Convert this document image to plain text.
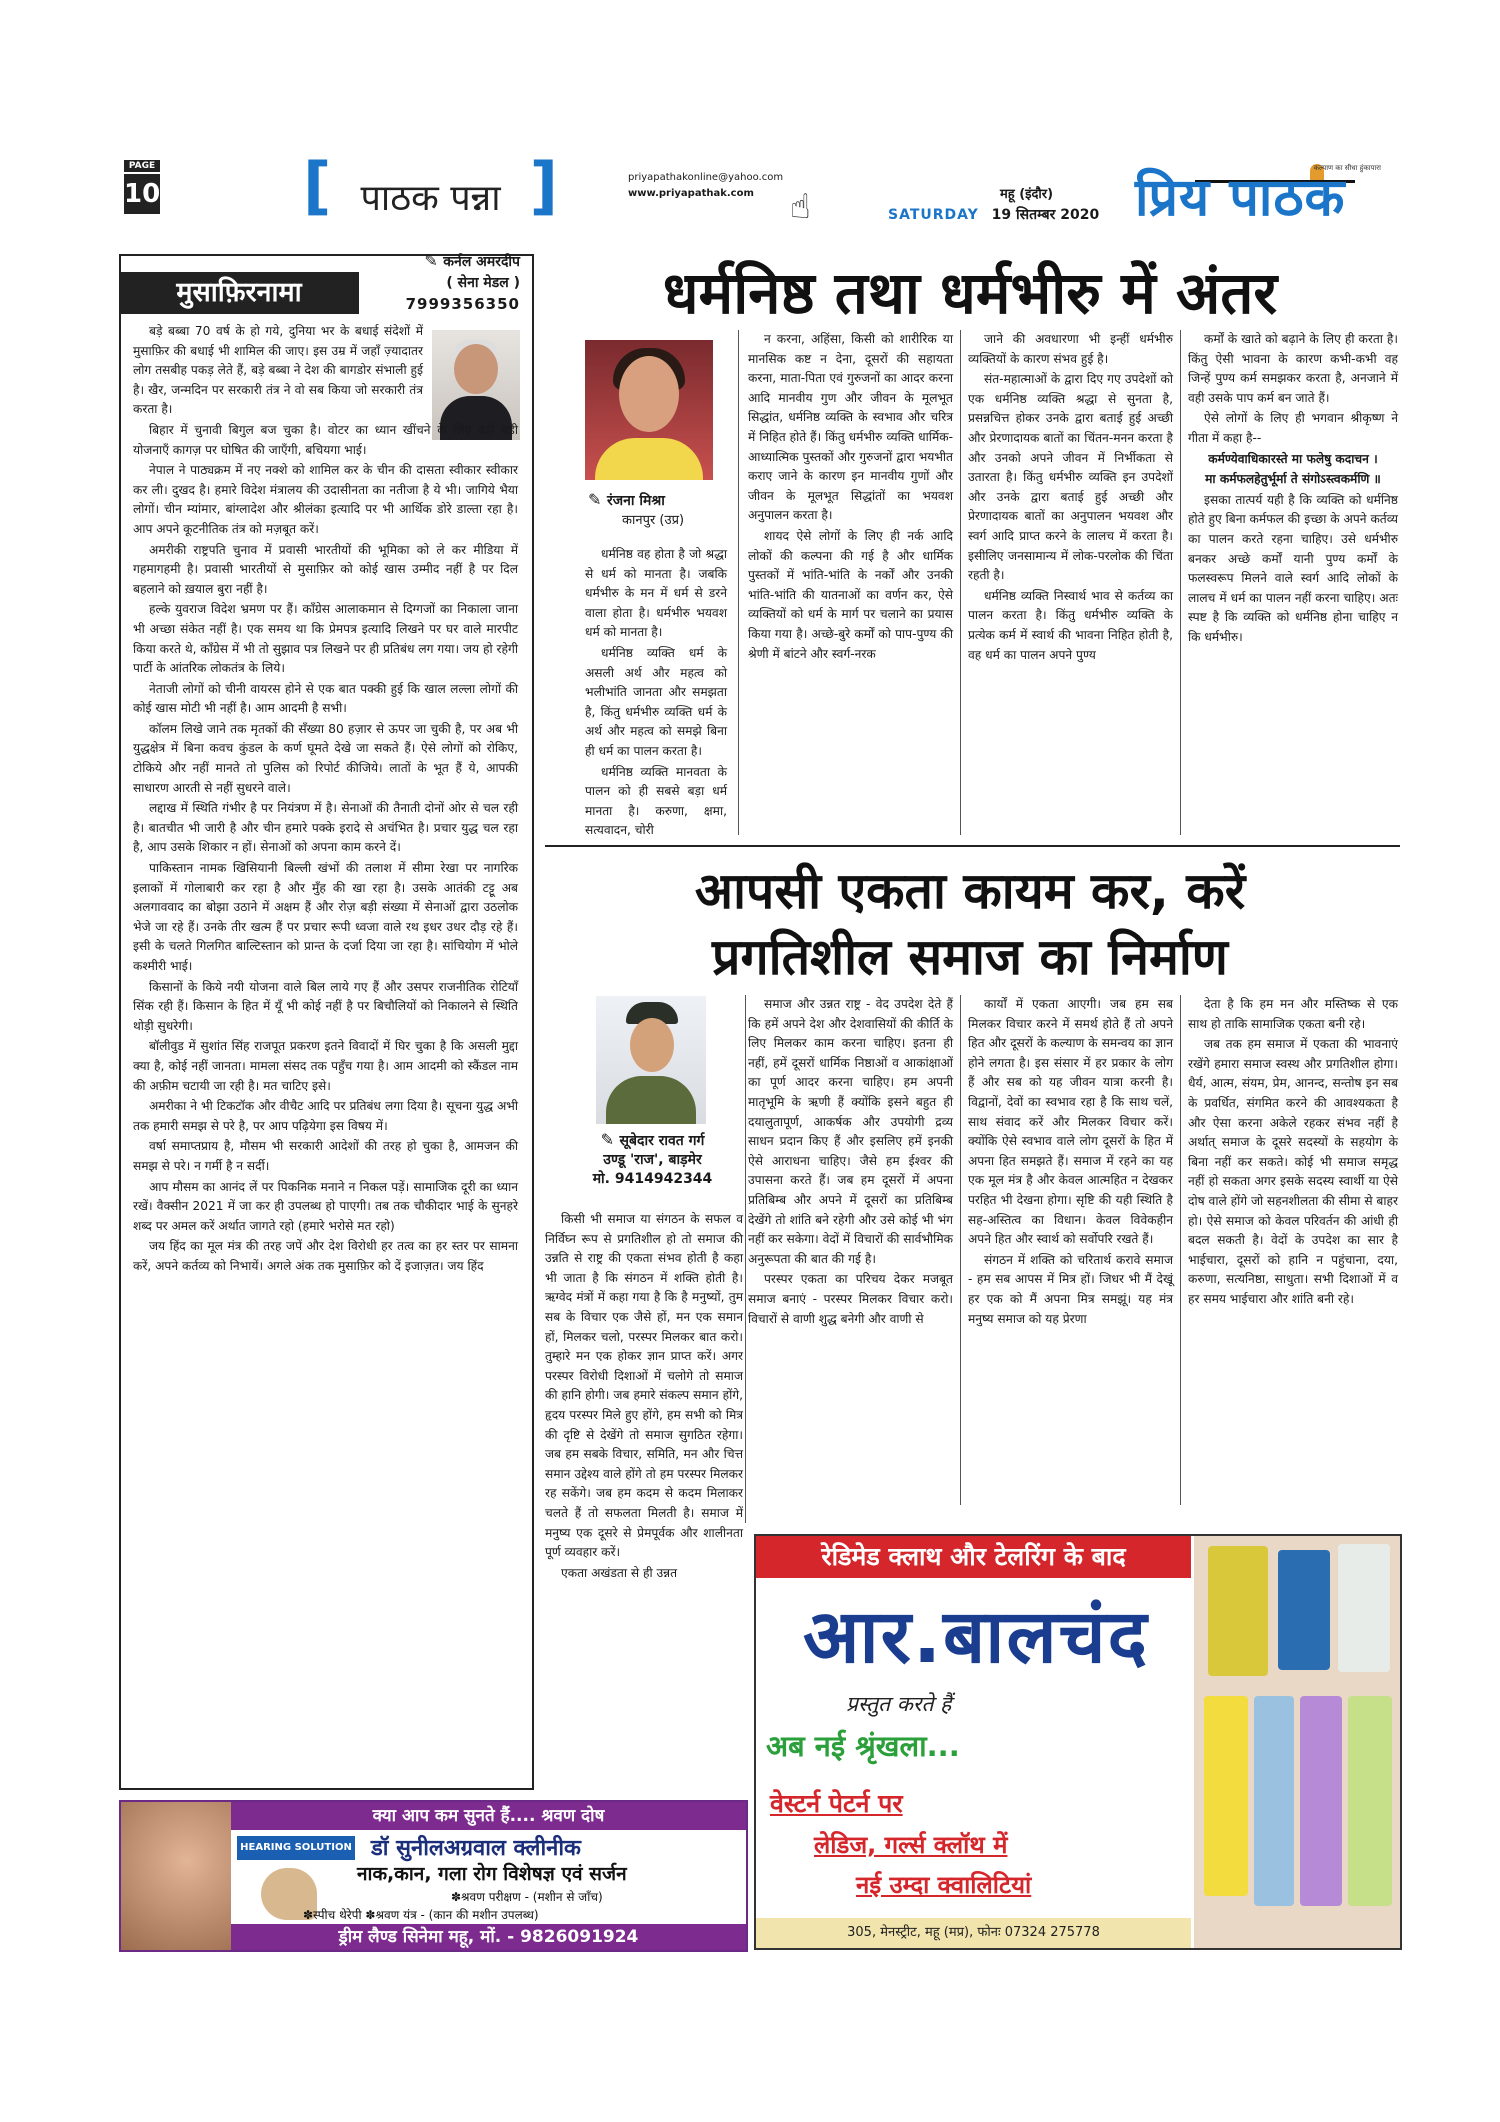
PAGE
10 [ पाठक पन्ना ]	priyapathakonline@yahoo.com
www.priyapathak.com	☝	महू (इंदौर)
SATURDAY 19 सितम्बर 2020 प्रिय पाठक
कल्याण का सीधा हुंकापारा
मुसाफ़िरनामा
✎ कर्नल अमरदीप
( सेना मेडल )
7999356350

बड़े बब्बा 70 वर्ष के हो गये, दुनिया भर के बधाई संदेशों में मुसाफ़िर की बधाई भी शामिल की जाए। इस उम्र में जहाँ ज़्यादातर लोग तसबीह पकड़ लेते हैं, बड़े बब्बा ने देश की बागडोर संभाली हुई है। खैर, जन्मदिन पर सरकारी तंत्र ने वो सब किया जो सरकारी तंत्र करता है।

बिहार में चुनावी बिगुल बज चुका है। वोटर का ध्यान खींचने के लिए बड़ी बड़ी योजनाएँ कागज़ पर घोषित की जाएँगी, बचियगा भाई।

नेपाल ने पाठ्यक्रम में नए नक्शे को शामिल कर के चीन की दासता स्वीकार स्वीकार कर ली। दुखद है। हमारे विदेश मंत्रालय की उदासीनता का नतीजा है ये भी। जागिये भैया लोगों। चीन म्यांमार, बांग्लादेश और श्रीलंका इत्यादि पर भी आर्थिक डोरे डाल्ता रहा है। आप अपने कूटनीतिक तंत्र को मज़बूत करें।

अमरीकी राष्ट्रपति चुनाव में प्रवासी भारतीयों की भूमिका को ले कर मीडिया में गहमागहमी है। प्रवासी भारतीयों से मुसाफ़िर को कोई खास उम्मीद नहीं है पर दिल बहलाने को ख़याल बुरा नहीं है।

हल्के युवराज विदेश भ्रमण पर हैं। काँग्रेस आलाकमान से दिग्गजों का निकाला जाना भी अच्छा संकेत नहीं है। एक समय था कि प्रेमपत्र इत्यादि लिखने पर घर वाले मारपीट किया करते थे, काँग्रेस में भी तो सुझाव पत्र लिखने पर ही प्रतिबंध लग गया। जय हो रहेगी पार्टी के आंतरिक लोकतंत्र के लिये।

नेताजी लोगों को चीनी वायरस होने से एक बात पक्की हुई कि खाल लल्ला लोगों की कोई खास मोटी भी नहीं है। आम आदमी है सभी।

कॉलम लिखे जाने तक मृतकों की सँख्या 80 हज़ार से ऊपर जा चुकी है, पर अब भी युद्धक्षेत्र में बिना कवच कुंडल के कर्ण घूमते देखे जा सकते हैं। ऐसे लोगों को रोकिए, टोकिये और नहीं मानते तो पुलिस को रिपोर्ट कीजिये। लातों के भूत हैं ये, आपकी साधारण आरती से नहीं सुधरने वाले।

लद्दाख में स्थिति गंभीर है पर नियंत्रण में है। सेनाओं की तैनाती दोनों ओर से चल रही है। बातचीत भी जारी है और चीन हमारे पक्के इरादे से अचंभित है। प्रचार युद्ध चल रहा है, आप उसके शिकार न हों। सेनाओं को अपना काम करने दें।

पाकिस्तान नामक खिसियानी बिल्ली खंभों की तलाश में सीमा रेखा पर नागरिक इलाकों में गोलाबारी कर रहा है और मुँह की खा रहा है। उसके आतंकी टट्टू अब अलगाववाद का बोझा उठाने में अक्षम हैं और रोज़ बड़ी संख्या में सेनाओं द्वारा उठलोक भेजे जा रहे हैं। उनके तीर खत्म हैं पर प्रचार रूपी ध्वजा वाले रथ इधर उधर दौड़ रहे हैं। इसी के चलते गिलगित बाल्टिस्तान को प्रान्त के दर्जा दिया जा रहा है। सांचियोग में भोले कश्मीरी भाई।

किसानों के किये नयी योजना वाले बिल लाये गए हैं और उसपर राजनीतिक रोटियाँ सिंक रही हैं। किसान के हित में यूँ भी कोई नहीं है पर बिचौलियों को निकालने से स्थिति थोड़ी सुधरेगी।

बॉलीवुड में सुशांत सिंह राजपूत प्रकरण इतने विवादों में घिर चुका है कि असली मुद्दा क्या है, कोई नहीं जानता। मामला संसद तक पहुँच गया है। आम आदमी को स्कैंडल नाम की अफ़ीम चटायी जा रही है। मत चाटिए इसे।

अमरीका ने भी टिकटॉक और वीचैट आदि पर प्रतिबंध लगा दिया है। सूचना युद्ध अभी तक हमारी समझ से परे है, पर आप पढ़ियेगा इस विषय में।

वर्षा समाप्तप्राय है, मौसम भी सरकारी आदेशों की तरह हो चुका है, आमजन की समझ से परे। न गर्मी है न सर्दी।

आप मौसम का आनंद लें पर पिकनिक मनाने न निकल पड़ें। सामाजिक दूरी का ध्यान रखें। वैक्सीन 2021 में जा कर ही उपलब्ध हो पाएगी। तब तक चौकीदार भाई के सुनहरे शब्द पर अमल करें अर्थात जागते रहो (हमारे भरोसे मत रहो)

जय हिंद का मूल मंत्र की तरह जपें और देश विरोधी हर तत्व का हर स्तर पर सामना करें, अपने कर्तव्य को निभायें। अगले अंक तक मुसाफ़िर को दें इजाज़त। जय हिंद

धर्मनिष्ठ तथा धर्मभीरु में अंतर
✎ रंजना मिश्रा
कानपुर (उप्र)

धर्मनिष्ठ वह होता है जो श्रद्धा से धर्म को मानता है। जबकि धर्मभीरु के मन में धर्म से डरने वाला होता है। धर्मभीरु भयवश धर्म को मानता है।

धर्मनिष्ठ व्यक्ति धर्म के असली अर्थ और महत्व को भलीभांति जानता और समझता है, किंतु धर्मभीरु व्यक्ति धर्म के अर्थ और महत्व को समझे बिना ही धर्म का पालन करता है।

धर्मनिष्ठ व्यक्ति मानवता के पालन को ही सबसे बड़ा धर्म मानता है। करुणा, क्षमा, सत्यवादन, चोरी

न करना, अहिंसा, किसी को शारीरिक या मानसिक कष्ट न देना, दूसरों की सहायता करना, माता-पिता एवं गुरुजनों का आदर करना आदि मानवीय गुण और जीवन के मूलभूत सिद्धांत, धर्मनिष्ठ व्यक्ति के स्वभाव और चरित्र में निहित होते हैं। किंतु धर्मभीरु व्यक्ति धार्मिक-आध्यात्मिक पुस्तकों और गुरुजनों द्वारा भयभीत कराए जाने के कारण इन मानवीय गुणों और जीवन के मूलभूत सिद्धांतों का भयवश अनुपालन करता है।

शायद ऐसे लोगों के लिए ही नर्क आदि लोकों की कल्पना की गई है और धार्मिक पुस्तकों में भांति-भांति के नर्कों और उनकी भांति-भांति की यातनाओं का वर्णन कर, ऐसे व्यक्तियों को धर्म के मार्ग पर चलाने का प्रयास किया गया है। अच्छे-बुरे कर्मों को पाप-पुण्य की श्रेणी में बांटने और स्वर्ग-नरक

जाने की अवधारणा भी इन्हीं धर्मभीरु व्यक्तियों के कारण संभव हुई है।

संत-महात्माओं के द्वारा दिए गए उपदेशों को एक धर्मनिष्ठ व्यक्ति श्रद्धा से सुनता है, प्रसन्नचित्त होकर उनके द्वारा बताई हुई अच्छी और प्रेरणादायक बातों का चिंतन-मनन करता है और उनको अपने जीवन में निर्भीकता से उतारता है। किंतु धर्मभीरु व्यक्ति इन उपदेशों और उनके द्वारा बताई हुई अच्छी और प्रेरणादायक बातों का अनुपालन भयवश और स्वर्ग आदि प्राप्त करने के लालच में करता है। इसीलिए जनसामान्य में लोक-परलोक की चिंता रहती है।

धर्मनिष्ठ व्यक्ति निस्वार्थ भाव से कर्तव्य का पालन करता है। किंतु धर्मभीरु व्यक्ति के प्रत्येक कर्म में स्वार्थ की भावना निहित होती है, वह धर्म का पालन अपने पुण्य

कर्मों के खाते को बढ़ाने के लिए ही करता है। किंतु ऐसी भावना के कारण कभी-कभी वह जिन्हें पुण्य कर्म समझकर करता है, अनजाने में वही उसके पाप कर्म बन जाते हैं।

ऐसे लोगों के लिए ही भगवान श्रीकृष्ण ने गीता में कहा है--

कर्मण्येवाधिकारस्ते मा फलेषु कदाचन ।

मा कर्मफलहेतुर्भूर्मा ते संगोऽस्त्वकर्मणि ॥

इसका तात्पर्य यही है कि व्यक्ति को धर्मनिष्ठ होते हुए बिना कर्मफल की इच्छा के अपने कर्तव्य का पालन करते रहना चाहिए। उसे धर्मभीरु बनकर अच्छे कर्मों यानी पुण्य कर्मों के फलस्वरूप मिलने वाले स्वर्ग आदि लोकों के लालच में धर्म का पालन नहीं करना चाहिए। अतः स्पष्ट है कि व्यक्ति को धर्मनिष्ठ होना चाहिए न कि धर्मभीरु।

आपसी एकता कायम कर, करें
प्रगतिशील समाज का निर्माण
✎ सूबेदार रावत गर्ग
उण्डू 'राज', बाड़मेर
मो. 9414942344

किसी भी समाज या संगठन के सफल व निर्विघ्न रूप से प्रगतिशील हो तो समाज की उन्नति से राष्ट्र की एकता संभव होती है कहा भी जाता है कि संगठन में शक्ति होती है। ऋग्वेद मंत्रों में कहा गया है कि है मनुष्यों, तुम सब के विचार एक जैसे हों, मन एक समान हों, मिलकर चलो, परस्पर मिलकर बात करो। तुम्हारे मन एक होकर ज्ञान प्राप्त करें। अगर परस्पर विरोधी दिशाओं में चलोगे तो समाज की हानि होगी। जब हमारे संकल्प समान होंगे, हृदय परस्पर मिले हुए होंगे, हम सभी को मित्र की दृष्टि से देखेंगे तो समाज सुगठित रहेगा। जब हम सबके विचार, समिति, मन और चित्त समान उद्देश्य वाले होंगे तो हम परस्पर मिलकर रह सकेंगे। जब हम कदम से कदम मिलाकर चलते हैं तो सफलता मिलती है। समाज में मनुष्य एक दूसरे से प्रेमपूर्वक और शालीनता पूर्ण व्यवहार करें।

एकता अखंडता से ही उन्नत

समाज और उन्नत राष्ट्र - वेद उपदेश देते हैं कि हमें अपने देश और देशवासियों की कीर्ति के लिए मिलकर काम करना चाहिए। इतना ही नहीं, हमें दूसरों धार्मिक निष्ठाओं व आकांक्षाओं का पूर्ण आदर करना चाहिए। हम अपनी मातृभूमि के ऋणी हैं क्योंकि इसने बहुत ही दयालुतापूर्ण, आकर्षक और उपयोगी द्रव्य साधन प्रदान किए हैं और इसलिए हमें इनकी ऐसे आराधना चाहिए। जैसे हम ईश्वर की उपासना करते हैं। जब हम दूसरों में अपना प्रतिबिम्ब और अपने में दूसरों का प्रतिबिम्ब देखेंगे तो शांति बने रहेगी और उसे कोई भी भंग नहीं कर सकेगा। वेदों में विचारों की सार्वभौमिक अनुरूपता की बात की गई है।

परस्पर एकता का परिचय देकर मजबूत समाज बनाएं - परस्पर मिलकर विचार करो। विचारों से वाणी शुद्ध बनेगी और वाणी से

कार्यों में एकता आएगी। जब हम सब मिलकर विचार करने में समर्थ होते हैं तो अपने हित और दूसरों के कल्याण के समन्वय का ज्ञान होने लगता है। इस संसार में हर प्रकार के लोग हैं और सब को यह जीवन यात्रा करनी है। विद्वानों, देवों का स्वभाव रहा है कि साथ चलें, साथ संवाद करें और मिलकर विचार करें। क्योंकि ऐसे स्वभाव वाले लोग दूसरों के हित में अपना हित समझते हैं। समाज में रहने का यह एक मूल मंत्र है और केवल आत्महित न देखकर परहित भी देखना होगा। सृष्टि की यही स्थिति है सह-अस्तित्व का विधान। केवल विवेकहीन अपने हित और स्वार्थ को सर्वोपरि रखते हैं।

संगठन में शक्ति को चरितार्थ करावे समाज - हम सब आपस में मित्र हों। जिधर भी मैं देखूं हर एक को मैं अपना मित्र समझूं। यह मंत्र मनुष्य समाज को यह प्रेरणा

देता है कि हम मन और मस्तिष्क से एक साथ हो ताकि सामाजिक एकता बनी रहे।

जब तक हम समाज में एकता की भावनाएं रखेंगे हमारा समाज स्वस्थ और प्रगतिशील होगा। धैर्य, आत्म, संयम, प्रेम, आनन्द, सन्तोष इन सब के प्रवर्धित, संगमित करने की आवश्यकता है और ऐसा करना अकेले रहकर संभव नहीं है अर्थात् समाज के दूसरे सदस्यों के सहयोग के बिना नहीं कर सकते। कोई भी समाज समृद्ध नहीं हो सकता अगर इसके सदस्य स्वार्थी या ऐसे दोष वाले होंगे जो सहनशीलता की सीमा से बाहर हो। ऐसे समाज को केवल परिवर्तन की आंधी ही बदल सकती है। वेदों के उपदेश का सार है भाईचारा, दूसरों को हानि न पहुंचाना, दया, करुणा, सत्यनिष्ठा, साधुता। सभी दिशाओं में व हर समय भाईचारा और शांति बनी रहे।

रेडिमेड क्लाथ और टेलरिंग के बाद
आर.बालचंद
प्रस्तुत करते हैं
अब नई श्रृंखला...
वेस्टर्न पेटर्न पर
लेडिज, गर्ल्स क्लॉथ में
नई उम्दा क्वालिटियां
305, मेनस्ट्रीट, महू (मप्र), फोनः 07324 275778
क्या आप कम सुनते हैं.... श्रवण दोष
HEARING SOLUTION डॉ सुनीलअग्रवाल क्लीनीक
नाक,कान, गला रोग विशेषज्ञ एवं सर्जन
✽श्रवण परीक्षण - (मशीन से जाँच)
✽स्पीच थेरेपी ✽श्रवण यंत्र - (कान की मशीन उपलब्ध)
ड्रीम लैण्ड सिनेमा महू, मों. - 9826091924
